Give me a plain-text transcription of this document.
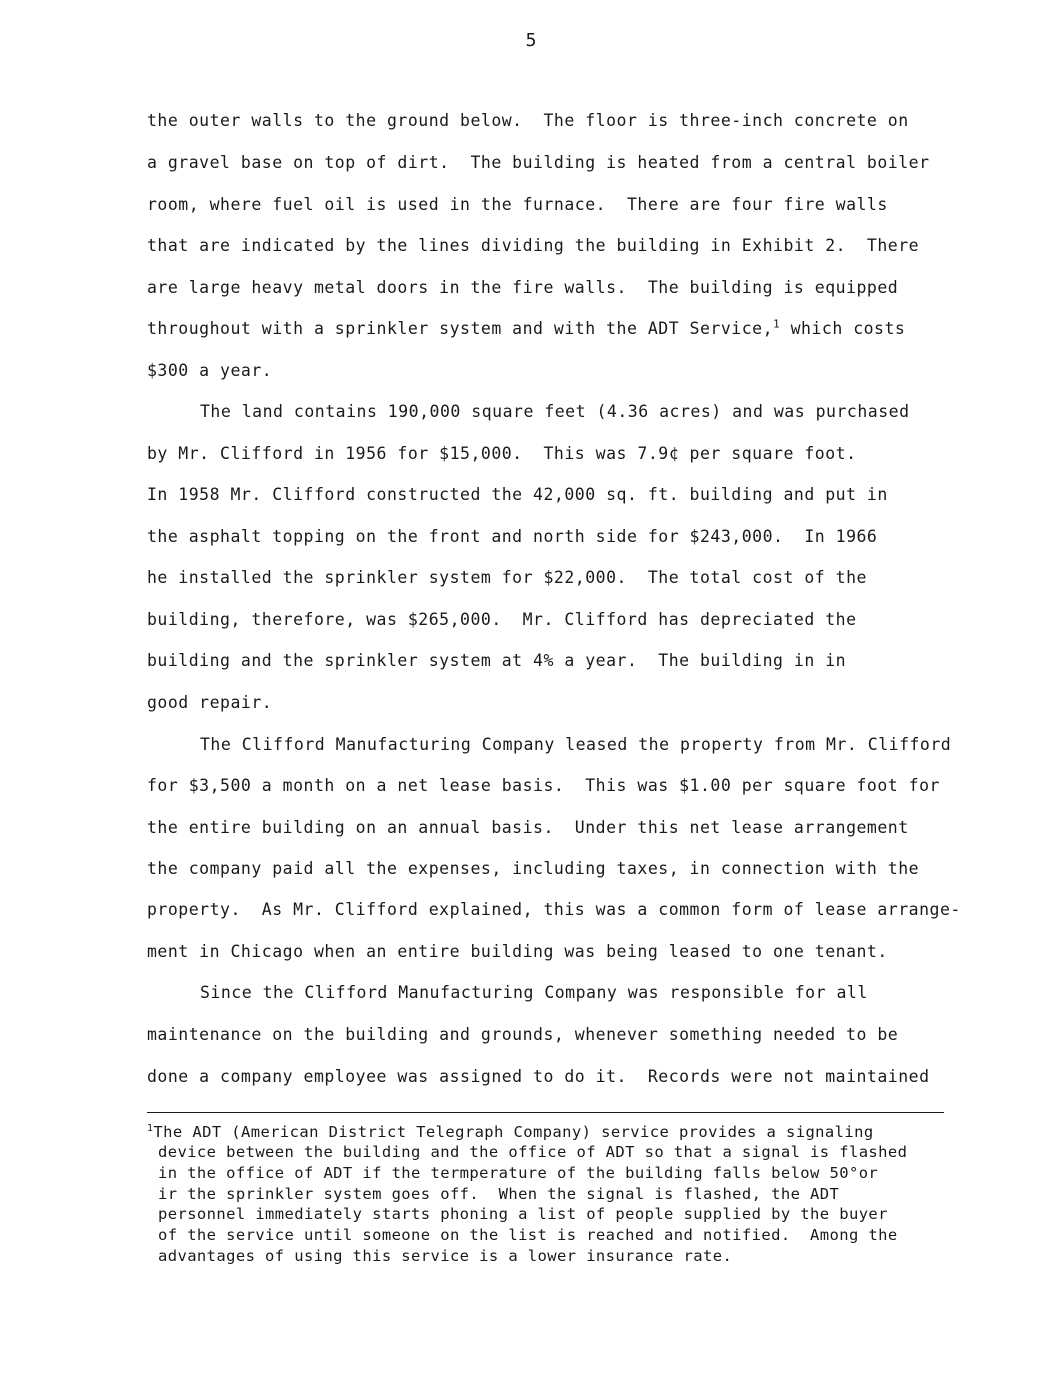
5
the outer walls to the ground below.  The floor is three-inch concrete on
a gravel base on top of dirt.  The building is heated from a central boiler
room, where fuel oil is used in the furnace.  There are four fire walls
that are indicated by the lines dividing the building in Exhibit 2.  There
are large heavy metal doors in the fire walls.  The building is equipped
throughout with a sprinkler system and with the ADT Service,$^1$ which costs
$300 a year.
The land contains 190,000 square feet (4.36 acres) and was purchased
by Mr. Clifford in 1956 for $15,000.  This was 7.9¢ per square foot.
In 1958 Mr. Clifford constructed the 42,000 sq. ft. building and put in
the asphalt topping on the front and north side for $243,000.  In 1966
he installed the sprinkler system for $22,000.  The total cost of the
building, therefore, was $265,000.  Mr. Clifford has depreciated the
building and the sprinkler system at 4% a year.  The building in in
good repair.
The Clifford Manufacturing Company leased the property from Mr. Clifford
for $3,500 a month on a net lease basis.  This was $1.00 per square foot for
the entire building on an annual basis.  Under this net lease arrangement
the company paid all the expenses, including taxes, in connection with the
property.  As Mr. Clifford explained, this was a common form of lease arrange-
ment in Chicago when an entire building was being leased to one tenant.
Since the Clifford Manufacturing Company was responsible for all
maintenance on the building and grounds, whenever something needed to be
done a company employee was assigned to do it.  Records were not maintained
$^1$The ADT (American District Telegraph Company) service provides a signaling
device between the building and the office of ADT so that a signal is flashed
in the office of ADT if the termperature of the building falls below 50°or
ir the sprinkler system goes off.  When the signal is flashed, the ADT
personnel immediately starts phoning a list of people supplied by the buyer
of the service until someone on the list is reached and notified.  Among the
advantages of using this service is a lower insurance rate.
